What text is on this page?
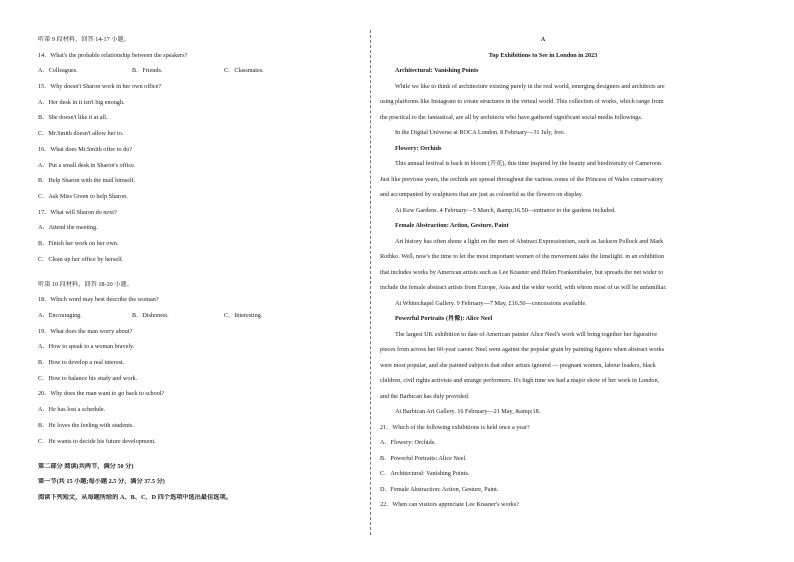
听第 9 段材料，回答 14-17 小题。
14．What's the probable relationship between the speakers?
A．Colleagues.	B．Friends.	C．Classmates.
15．Why doesn't Sharon work in her own office?
A．Her desk in it isn't big enough.
B．She doesn't like it at all.
C．Mr.Smith doesn't allow her to.
16．What does Mr.Smith offer to do?
A．Put a small desk in Sharon's office.
B．Help Sharon with the mail himself.
C．Ask Miss Green to help Sharon.
17．What will Sharon do next?
A．Attend the meeting.
B．Finish her work on her own.
C．Clean up her office by herself.
听第 10 段材料，回答 18-20 小题。
18．Which word may best describe the woman?
A．Encouraging.	B．Dishonest.	C．Interesting.
19．What does the man worry about?
A．How to speak to a woman bravely.
B．How to develop a real interest.
C．How to balance his study and work.
20．Why does the man want to go back to school?
A．He has lost a schedule.
B．He loves the feeling with students.
C．He wants to decide his future development.
第二部分 阅读(共两节，满分 50 分)
第一节(共 15 小题;每小题 2.5 分，满分 37.5 分)
阅读下列短文，从每题所给的 A、B、C、D 四个选项中选出最佳选项。
A
Top Exhibitions to See in London in 2023
Architectural: Vanishing Points
While we like to think of architecture existing purely in the real world, emerging designers and architects are
using platforms like Instagram to create structures in the virtual world. This collection of works, which range from
the practical to the fantastical, are all by architects who have gathered significant social media followings.
In the Digital Universe at ROCA London. 8 February—31 July, free.
Flowery: Orchids
This annual festival is back in bloom (开花), this time inspired by the beauty and biodiversity of Cameroon.
Just like previous years, the orchids are spread throughout the various zones of the Princess of Wales conservatory
and accompanied by sculptures that are just as colourful as the flowers on display.
At Kew Gardens. 4 February—5 March, &amp;16.50—entrance to the gardens included.
Female Abstraction: Action, Gesture, Paint
Art history has often shone a light on the men of Abstract Expressionism, such as Jackson Pollock and Mark
Rothko. Well, now's the time to let the most important women of the movement take the limelight. in an exhibition
that includes works by American artists such as Lee Krasner and Helen Frankenthaler, but spreads the net wider to
include the female abstract artists from Europe, Asia and the wider world, with whom most of us will be unfamiliar.
At Whitechapel Gallery. 9 February—7 May, £16.50—concessions available.
Powerful Portraits (肖像): Alice Neel
The largest UK exhibition to date of American painter Alice Neel's work will bring together her figurative
pieces from across her 60-year career. Neel went against the popular grain by painting figures when abstract works
were most popular, and she painted subjects that other artists ignored — pregnant women, labour leaders, black
children, civil rights activists and strange performers. It's high time we had a major show of her work in London,
and the Barbican has duly provided.
At Barbican Art Gallery. 16 February—21 May, &amp;18.
21．Which of the following exhibitions is held once a year?
A．Flowery: Orchids.
B．Powerful Portraits: Alice Neel.
C．Architectural: Vanishing Points.
D．Female Abstraction: Action, Gesture, Paint.
22．When can visitors appreciate Lee Krasner's works?
